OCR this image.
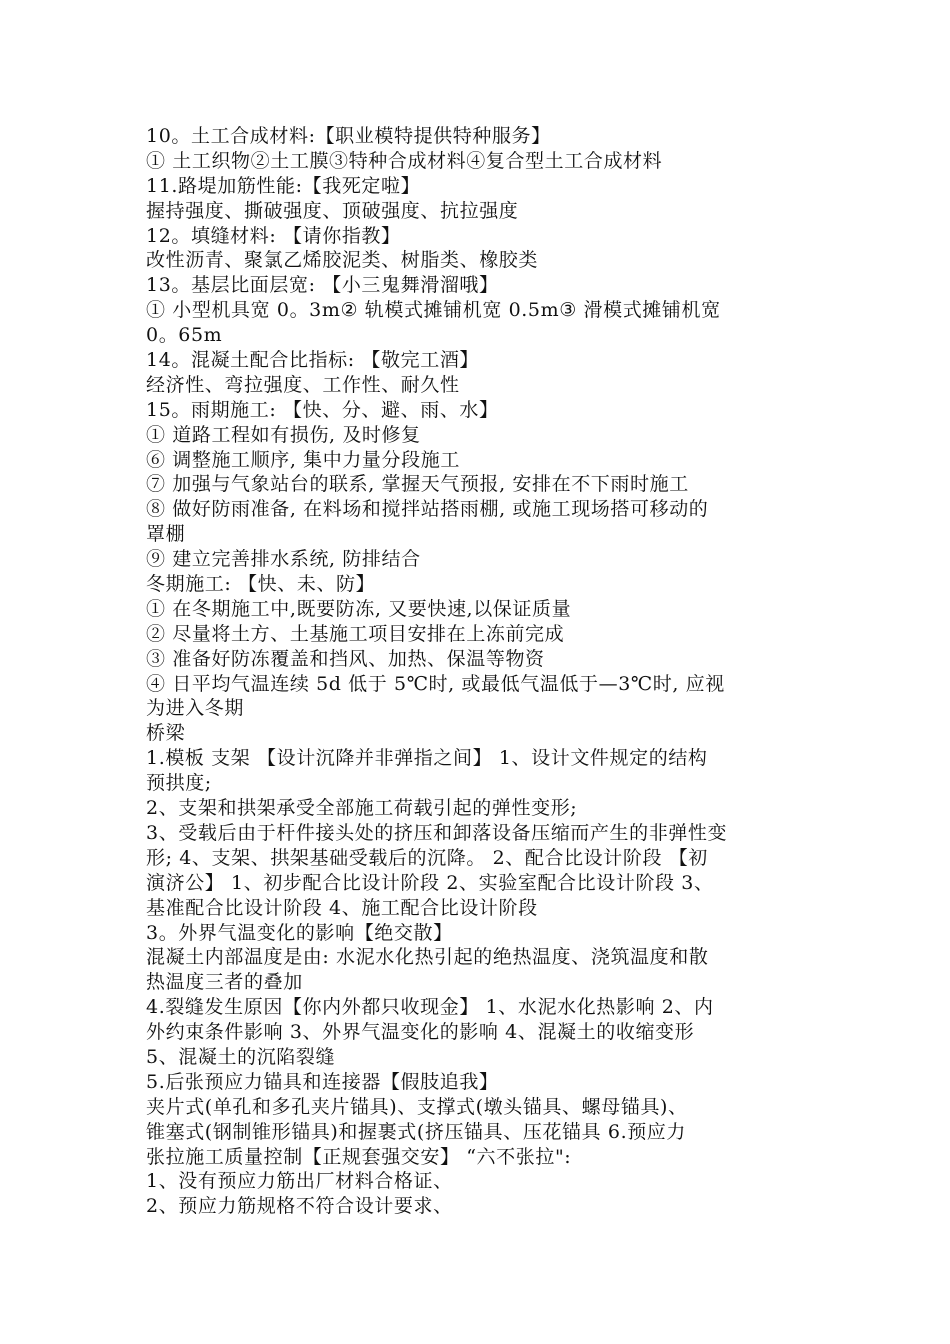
10。土工合成材料:【职业模特提供特种服务】
① 土工织物②土工膜③特种合成材料④复合型土工合成材料
11.路堤加筋性能:【我死定啦】
握持强度、撕破强度、顶破强度、抗拉强度
12。填缝材料: 【请你指教】
改性沥青、聚氯乙烯胶泥类、树脂类、橡胶类
13。基层比面层宽: 【小三鬼舞滑溜哦】
① 小型机具宽 0。3m② 轨模式摊铺机宽 0.5m③ 滑模式摊铺机宽
0。65m
14。混凝土配合比指标: 【敬完工酒】
经济性、弯拉强度、工作性、耐久性
15。雨期施工: 【快、分、避、雨、水】
① 道路工程如有损伤, 及时修复
⑥ 调整施工顺序, 集中力量分段施工
⑦ 加强与气象站台的联系, 掌握天气预报, 安排在不下雨时施工
⑧ 做好防雨准备, 在料场和搅拌站搭雨棚, 或施工现场搭可移动的
罩棚
⑨ 建立完善排水系统, 防排结合
冬期施工: 【快、未、防】
① 在冬期施工中,既要防冻, 又要快速,以保证质量
② 尽量将土方、土基施工项目安排在上冻前完成
③ 准备好防冻覆盖和挡风、加热、保温等物资
④ 日平均气温连续 5d 低于 5℃时, 或最低气温低于—3℃时, 应视
为进入冬期
桥梁
1.模板 支架 【设计沉降并非弹指之间】 1、设计文件规定的结构
预拱度;
2、支架和拱架承受全部施工荷载引起的弹性变形;
3、受载后由于杆件接头处的挤压和卸落设备压缩而产生的非弹性变
形; 4、支架、拱架基础受载后的沉降。 2、配合比设计阶段 【初
演济公】 1、初步配合比设计阶段 2、实验室配合比设计阶段 3、
基准配合比设计阶段 4、施工配合比设计阶段
3。外界气温变化的影响【绝交散】
混凝土内部温度是由: 水泥水化热引起的绝热温度、浇筑温度和散
热温度三者的叠加
4.裂缝发生原因【你内外都只收现金】 1、水泥水化热影响 2、内
外约束条件影响 3、外界气温变化的影响 4、混凝土的收缩变形
5、混凝土的沉陷裂缝
5.后张预应力锚具和连接器【假肢追我】
夹片式(单孔和多孔夹片锚具)、支撑式(墩头锚具、螺母锚具)、
锥塞式(钢制锥形锚具)和握裹式(挤压锚具、压花锚具 6.预应力
张拉施工质量控制【正规套强交安】 “六不张拉":
1、没有预应力筋出厂材料合格证、
2、预应力筋规格不符合设计要求、
